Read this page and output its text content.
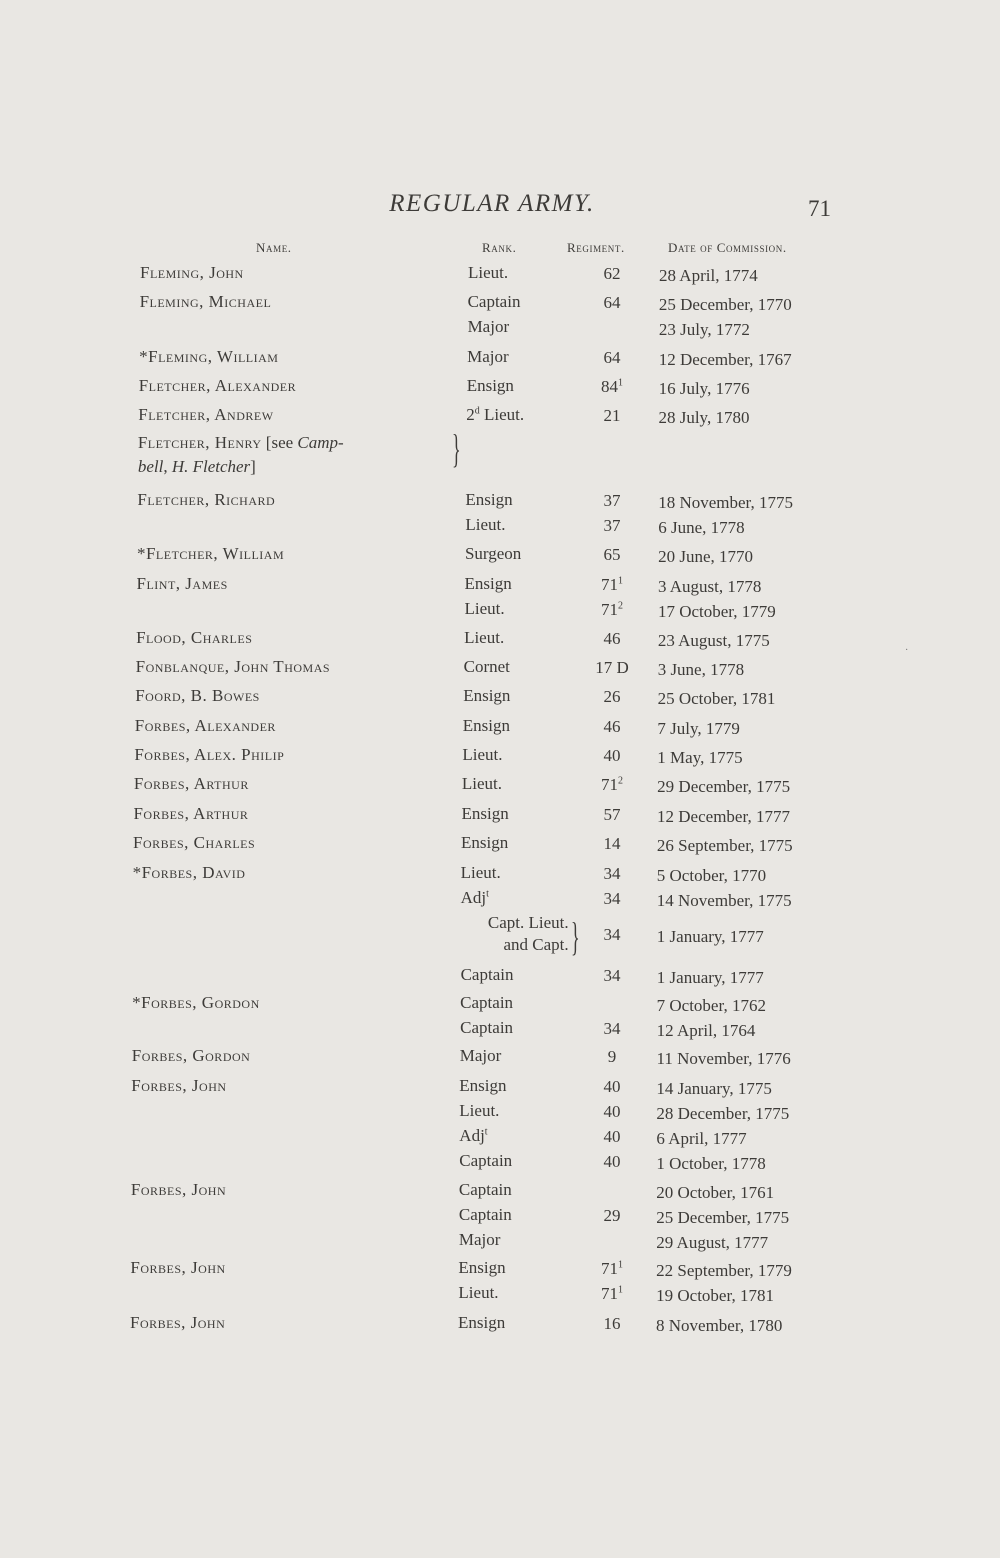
REGULAR ARMY.	71
Name.	Rank.	Regiment.	Date of Commission.
Fleming, John	Lieut.	62	28 April, 1774
Fleming, Michael	Captain	64	25 December, 1770
Major	23 July, 1772
*Fleming, William	Major	64	12 December, 1767
Fletcher, Alexander	Ensign	$84^1$	16 July, 1776
Fletcher, Andrew	2$^d$ Lieut.	21	28 July, 1780
Fletcher, Henry [see Camp-
bell, H. Fletcher]	}
Fletcher, Richard	Ensign	37	18 November, 1775
Lieut.	37	6 June, 1778
*Fletcher, William	Surgeon	65	20 June, 1770
Flint, James	Ensign	$71^1$	3 August, 1778
Lieut.	$71^2$	17 October, 1779
Flood, Charles	Lieut.	46	23 August, 1775
Fonblanque, John Thomas	Cornet	17 D	3 June, 1778
Foord, B. Bowes	Ensign	26	25 October, 1781
Forbes, Alexander	Ensign	46	7 July, 1779
Forbes, Alex. Philip	Lieut.	40	1 May, 1775
Forbes, Arthur	Lieut.	$71^2$	29 December, 1775
Forbes, Arthur	Ensign	57	12 December, 1777
Forbes, Charles	Ensign	14	26 September, 1775
*Forbes, David	Lieut.	34	5 October, 1770
Adj$^t$	34	14 November, 1775
Capt. Lieut.
and Capt. }	34	1 January, 1777
Captain	34	1 January, 1777
*Forbes, Gordon	Captain	7 October, 1762
Captain	34	12 April, 1764
Forbes, Gordon	Major	9	11 November, 1776
Forbes, John	Ensign	40	14 January, 1775
Lieut.	40	28 December, 1775
Adj$^t$	40	6 April, 1777
Captain	40	1 October, 1778
Forbes, John	Captain	20 October, 1761
Captain	29	25 December, 1775
Major	29 August, 1777
Forbes, John	Ensign	$71^1$	22 September, 1779
Lieut.	$71^1$	19 October, 1781
Forbes, John	Ensign	16	8 November, 1780
·
